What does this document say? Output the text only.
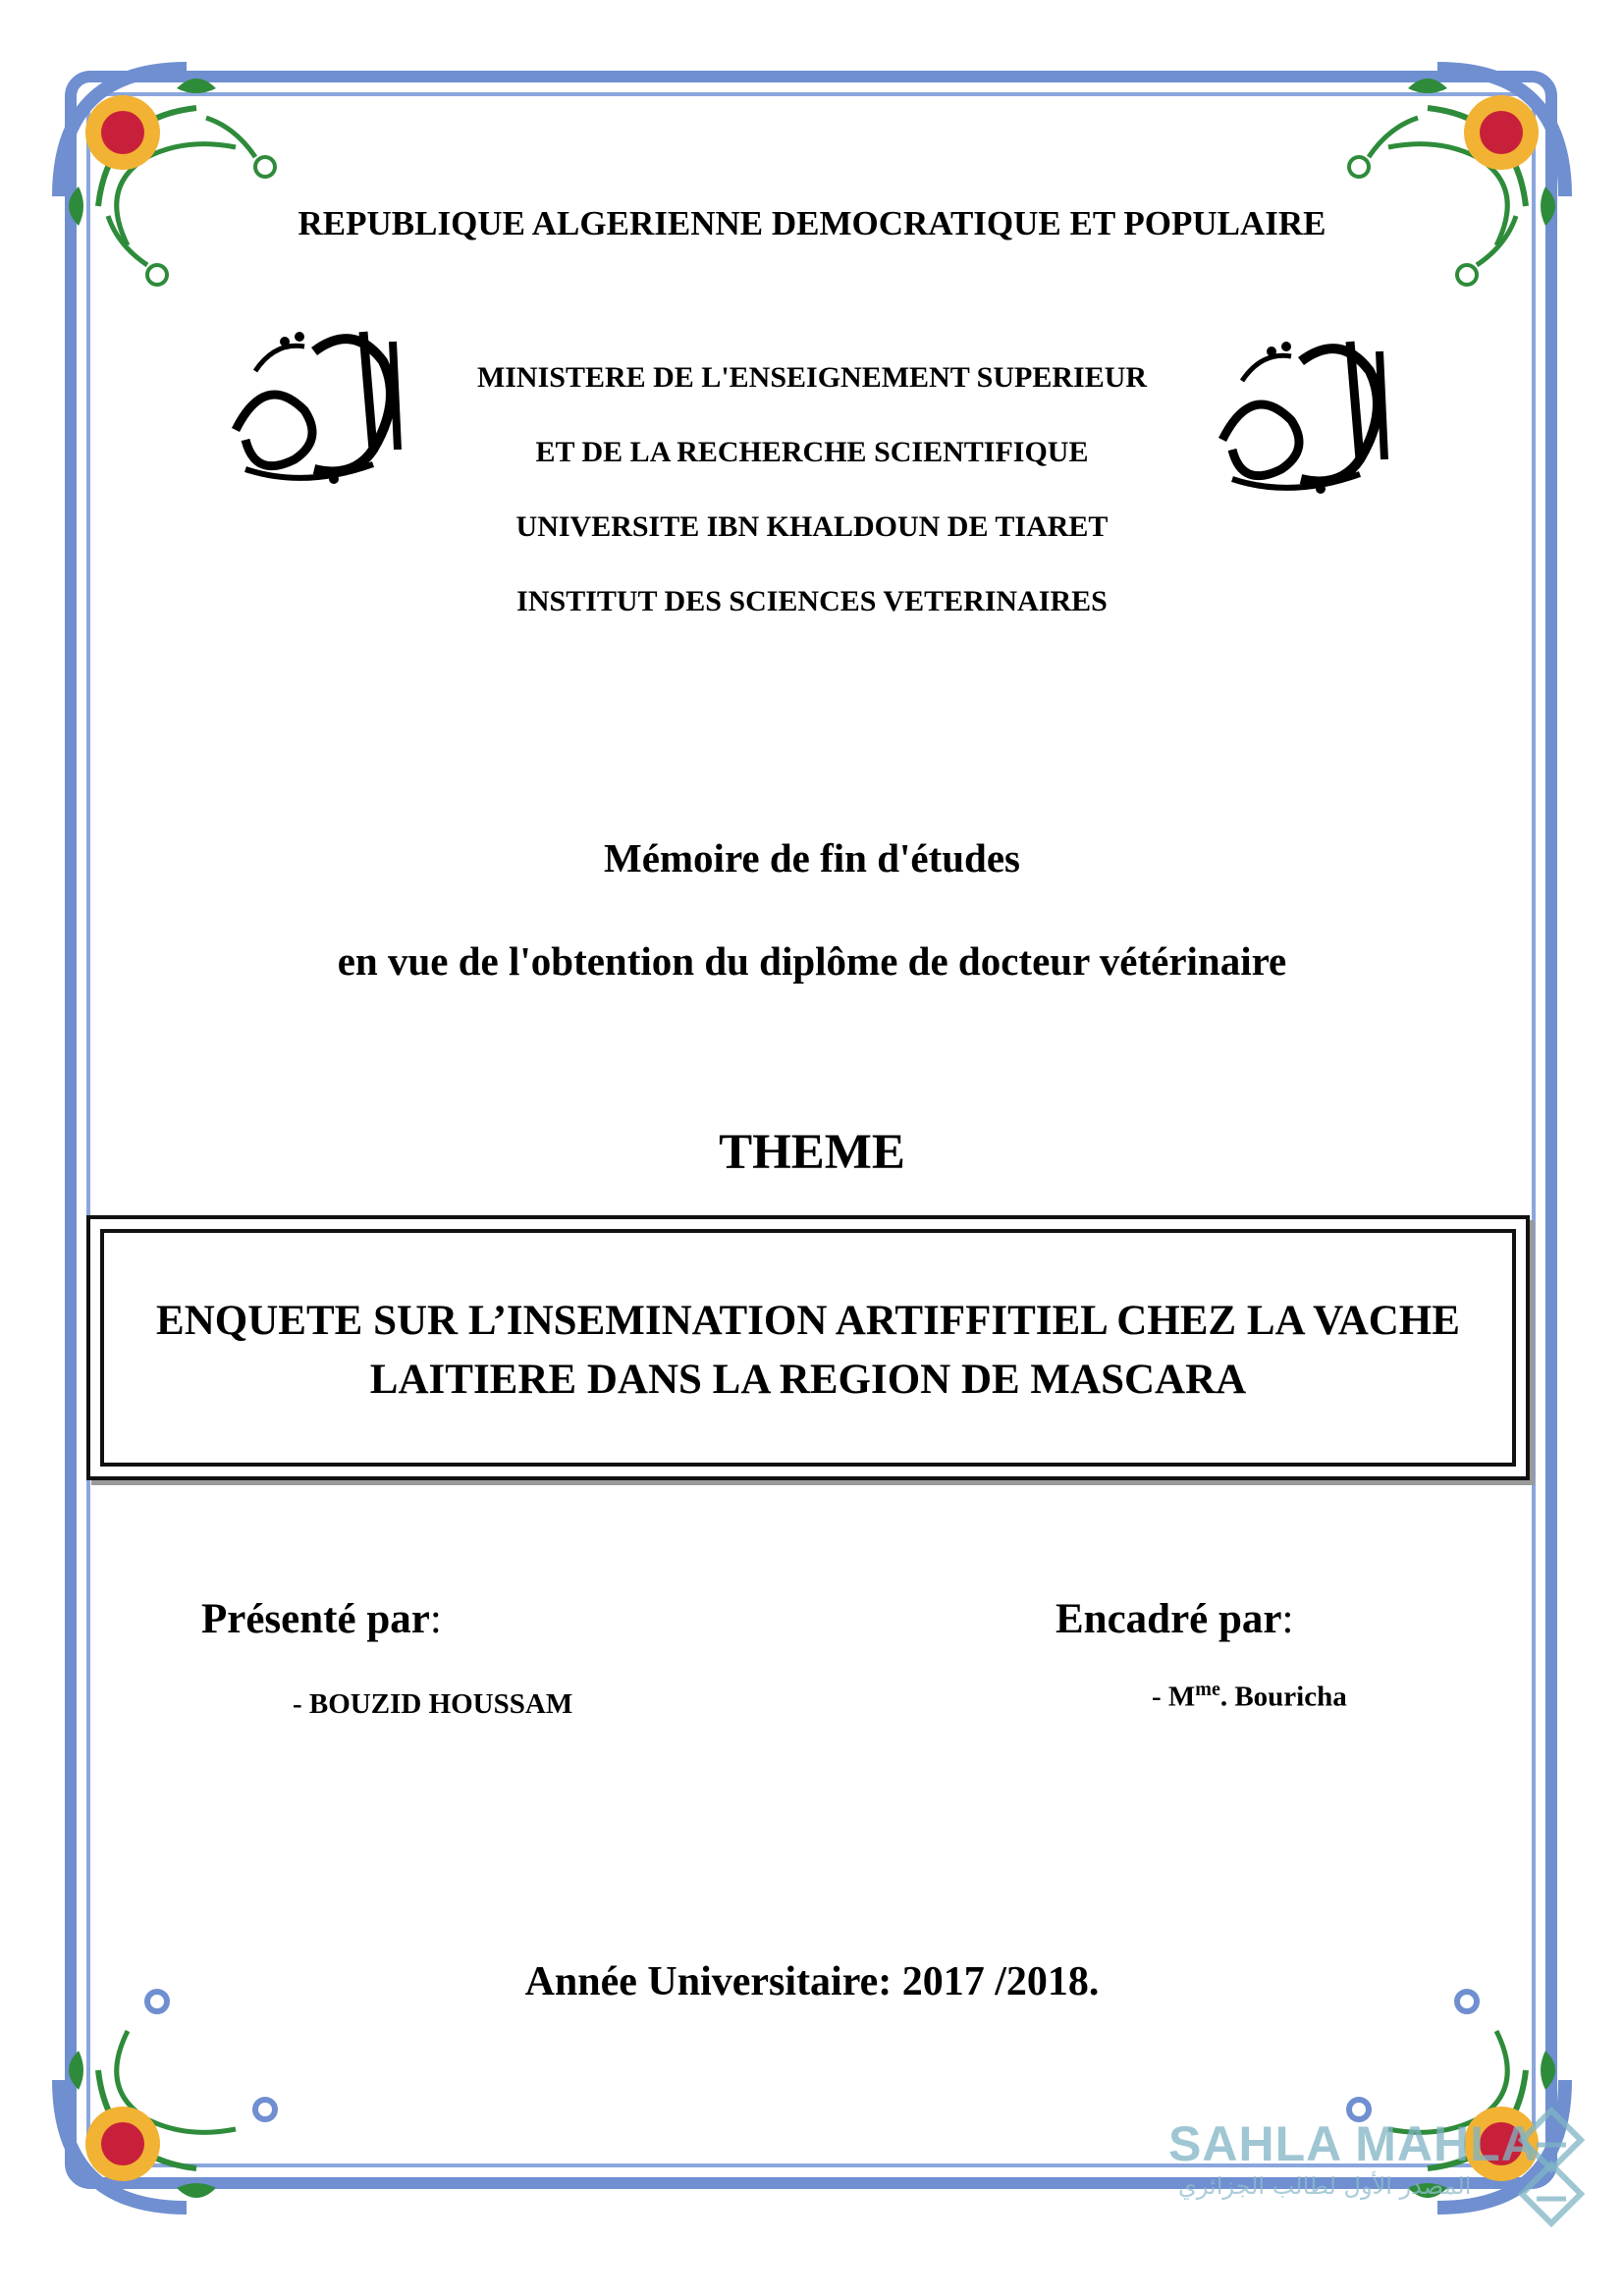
REPUBLIQUE ALGERIENNE DEMOCRATIQUE ET POPULAIRE
MINISTERE DE L'ENSEIGNEMENT SUPERIEUR
ET DE LA RECHERCHE SCIENTIFIQUE
UNIVERSITE IBN KHALDOUN DE TIARET
INSTITUT DES SCIENCES VETERINAIRES
Mémoire de fin d'études
en vue de l'obtention du diplôme de docteur vétérinaire
THEME
ENQUETE SUR L’INSEMINATION ARTIFFITIEL CHEZ LA VACHE
LAITIERE DANS LA REGION DE MASCARA
Présenté par:	Encadré par:
- BOUZID HOUSSAM	- $M^{me}$. Bouricha
Année Universitaire: 2017 /2018.
SAHLA MAHLA
المصدر الأول لطالب الجزائري
